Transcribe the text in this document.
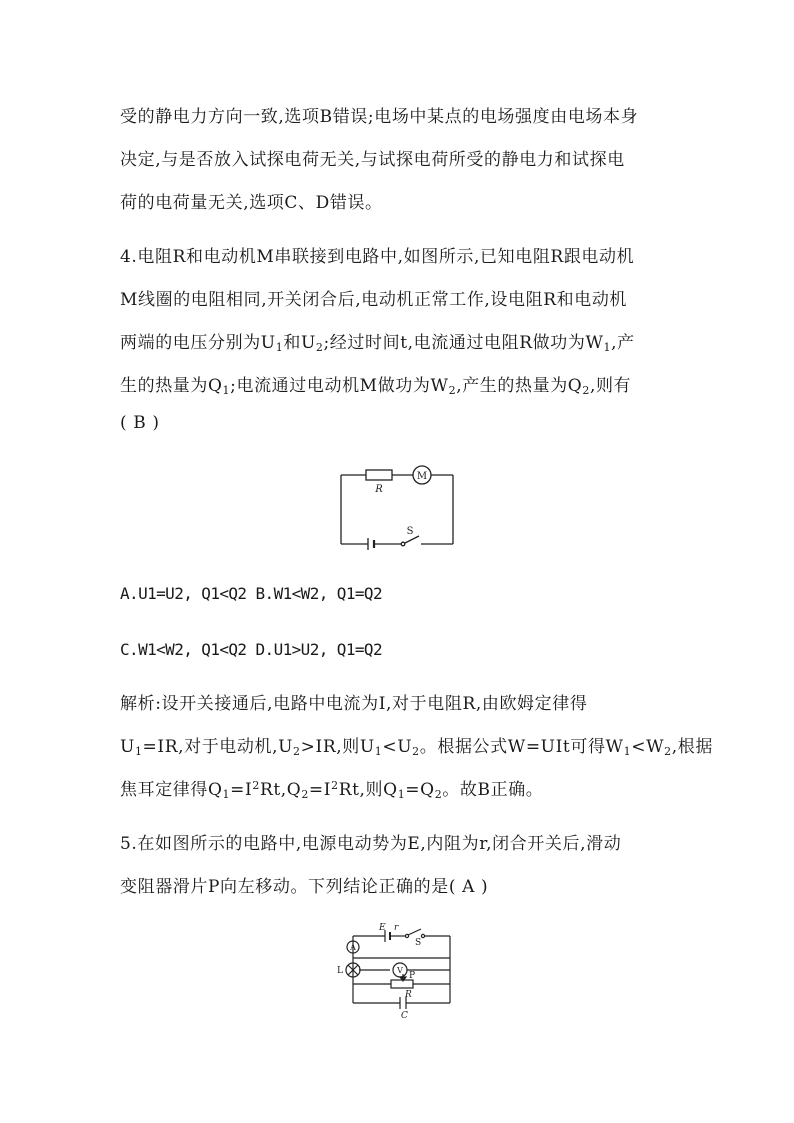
受的静电力方向一致,选项B错误;电场中某点的电场强度由电场本身
决定,与是否放入试探电荷无关,与试探电荷所受的静电力和试探电
荷的电荷量无关,选项C、D错误。
4.电阻R和电动机M串联接到电路中,如图所示,已知电阻R跟电动机
M线圈的电阻相同,开关闭合后,电动机正常工作,设电阻R和电动机
两端的电压分别为$U_1$和$U_2$;经过时间t,电流通过电阻R做功为$W_1$,产
生的热量为$Q_1$;电流通过电动机M做功为$W_2$,产生的热量为$Q_2$,则有
( B )
M
R
S
A.U1=U2, Q1<Q2 B.W1<W2, Q1=Q2
C.W1<W2, Q1<Q2 D.U1>U2, Q1=Q2
解析:设开关接通后,电路中电流为I,对于电阻R,由欧姆定律得
$U_1=IR$,对于电动机$,U_2>IR$,则$U_1<U_2$。根据公式W=UIt可得$W_1<W_2$,根据
焦耳定律得$Q_1=I^2Rt,Q_2=I^2Rt$,则$Q_1=Q_2$。故B正确。
5.在如图所示的电路中,电源电动势为E,内阻为r,闭合开关后,滑动
变阻器滑片P向左移动。下列结论正确的是( A )
E r
S
A
V
L	P
R
C
